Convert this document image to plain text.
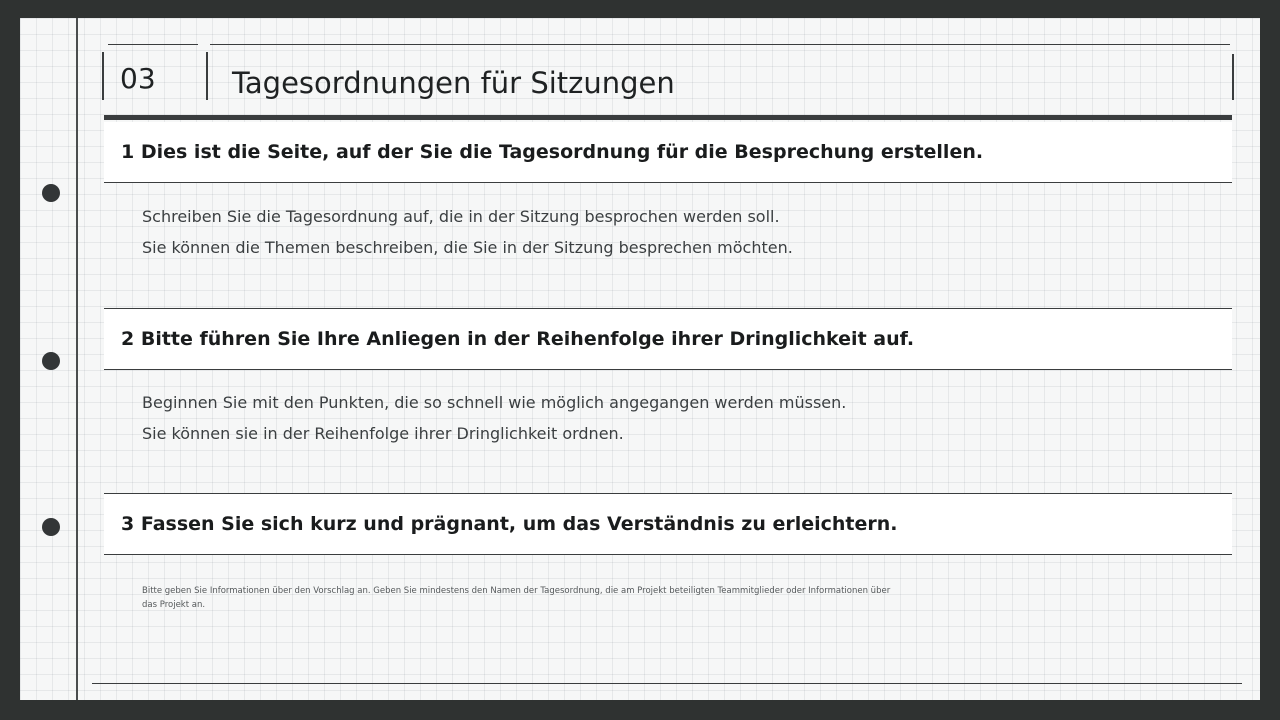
03	Tagesordnungen für Sitzungen
1 Dies ist die Seite, auf der Sie die Tagesordnung für die Besprechung erstellen.
Schreiben Sie die Tagesordnung auf, die in der Sitzung besprochen werden soll.
Sie können die Themen beschreiben, die Sie in der Sitzung besprechen möchten.
2 Bitte führen Sie Ihre Anliegen in der Reihenfolge ihrer Dringlichkeit auf.
Beginnen Sie mit den Punkten, die so schnell wie möglich angegangen werden müssen.
Sie können sie in der Reihenfolge ihrer Dringlichkeit ordnen.
3 Fassen Sie sich kurz und prägnant, um das Verständnis zu erleichtern.
Bitte geben Sie Informationen über den Vorschlag an. Geben Sie mindestens den Namen der Tagesordnung, die am Projekt beteiligten Teammitglieder oder Informationen über das Projekt an.
